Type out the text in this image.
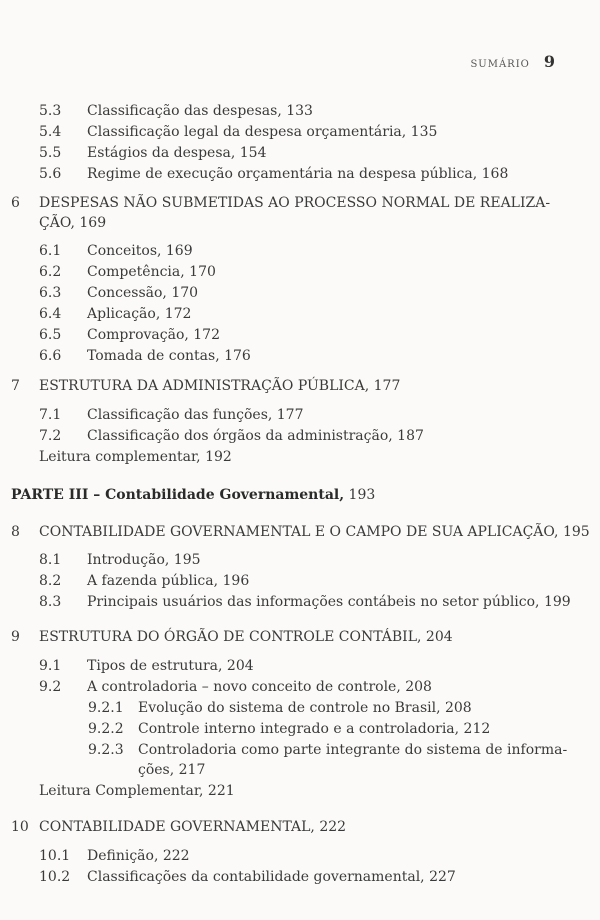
SUMÁRIO 9
5.3 Classificação das despesas, 133
5.4 Classificação legal da despesa orçamentária, 135
5.5 Estágios da despesa, 154
5.6 Regime de execução orçamentária na despesa pública, 168
6 DESPESAS NÃO SUBMETIDAS AO PROCESSO NORMAL DE REALIZA-
ÇÃO, 169
6.1 Conceitos, 169
6.2 Competência, 170
6.3 Concessão, 170
6.4 Aplicação, 172
6.5 Comprovação, 172
6.6 Tomada de contas, 176
7 ESTRUTURA DA ADMINISTRAÇÃO PÚBLICA, 177
7.1 Classificação das funções, 177
7.2 Classificação dos órgãos da administração, 187
Leitura complementar, 192
PARTE III – Contabilidade Governamental, 193
8 CONTABILIDADE GOVERNAMENTAL E O CAMPO DE SUA APLICAÇÃO, 195
8.1 Introdução, 195
8.2 A fazenda pública, 196
8.3 Principais usuários das informações contábeis no setor público, 199
9 ESTRUTURA DO ÓRGÃO DE CONTROLE CONTÁBIL, 204
9.1 Tipos de estrutura, 204
9.2 A controladoria – novo conceito de controle, 208
9.2.1 Evolução do sistema de controle no Brasil, 208
9.2.2 Controle interno integrado e a controladoria, 212
9.2.3 Controladoria como parte integrante do sistema de informa-
ções, 217
Leitura Complementar, 221
10 CONTABILIDADE GOVERNAMENTAL, 222
10.1 Definição, 222
10.2 Classificações da contabilidade governamental, 227
